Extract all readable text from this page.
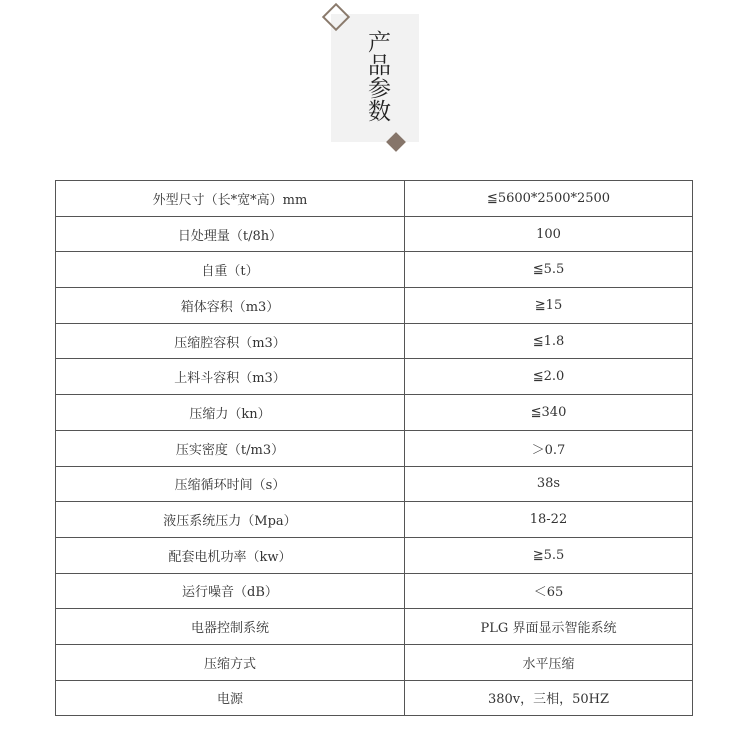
产品参数
外型尺寸（长*宽*高）mm	≦5600*2500*2500
日处理量（t/8h）	100
自重（t）	≦5.5
箱体容积（m3）	≧15
压缩腔容积（m3）	≦1.8
上料斗容积（m3）	≦2.0
压缩力（kn）	≦340
压实密度（t/m3）	＞0.7
压缩循环时间（s）	38s
液压系统压力（Mpa）	18-22
配套电机功率（kw）	≧5.5
运行噪音（dB）	＜65
电器控制系统	PLG 界面显示智能系统
压缩方式	水平压缩
电源	380v，三相，50HZ
